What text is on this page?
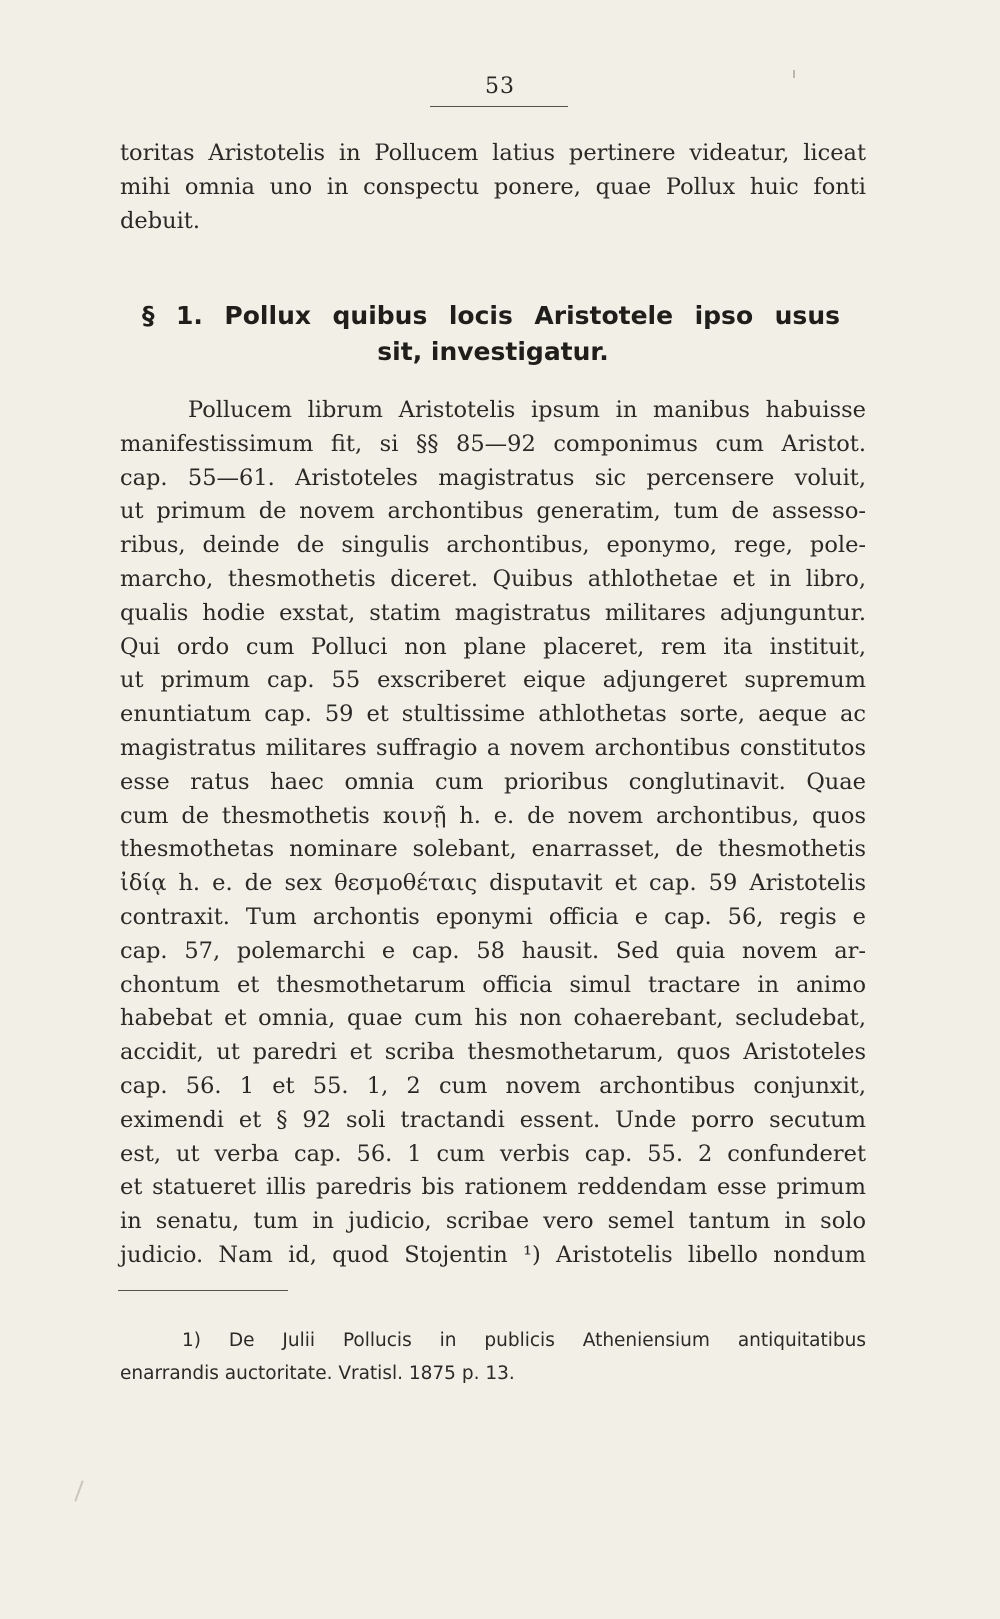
53
toritas Aristotelis in Pollucem latius pertinere videatur, liceat
mihi omnia uno in conspectu ponere, quae Pollux huic fonti
debuit.
§ 1. Pollux quibus locis Aristotele ipso usus
sit, investigatur.
Pollucem librum Aristotelis ipsum in manibus habuisse
manifestissimum fit, si §§ 85—92 componimus cum Aristot.
cap. 55—61. Aristoteles magistratus sic percensere voluit,
ut primum de novem archontibus generatim, tum de assesso-
ribus, deinde de singulis archontibus, eponymo, rege, pole-
marcho, thesmothetis diceret. Quibus athlothetae et in libro,
qualis hodie exstat, statim magistratus militares adjunguntur.
Qui ordo cum Polluci non plane placeret, rem ita instituit,
ut primum cap. 55 exscriberet eique adjungeret supremum
enuntiatum cap. 59 et stultissime athlothetas sorte, aeque ac
magistratus militares suffragio a novem archontibus constitutos
esse ratus haec omnia cum prioribus conglutinavit. Quae
cum de thesmothetis κοινῇ h. e. de novem archontibus, quos
thesmothetas nominare solebant, enarrasset, de thesmothetis
ἰδίᾳ h. e. de sex θεσμοθέταις disputavit et cap. 59 Aristotelis
contraxit. Tum archontis eponymi officia e cap. 56, regis e
cap. 57, polemarchi e cap. 58 hausit. Sed quia novem ar-
chontum et thesmothetarum officia simul tractare in animo
habebat et omnia, quae cum his non cohaerebant, secludebat,
accidit, ut paredri et scriba thesmothetarum, quos Aristoteles
cap. 56. 1 et 55. 1, 2 cum novem archontibus conjunxit,
eximendi et § 92 soli tractandi essent. Unde porro secutum
est, ut verba cap. 56. 1 cum verbis cap. 55. 2 confunderet
et statueret illis paredris bis rationem reddendam esse primum
in senatu, tum in judicio, scribae vero semel tantum in solo
judicio. Nam id, quod Stojentin ¹) Aristotelis libello nondum
1) De Julii Pollucis in publicis Atheniensium antiquitatibus
enarrandis auctoritate. Vratisl. 1875 p. 13.
